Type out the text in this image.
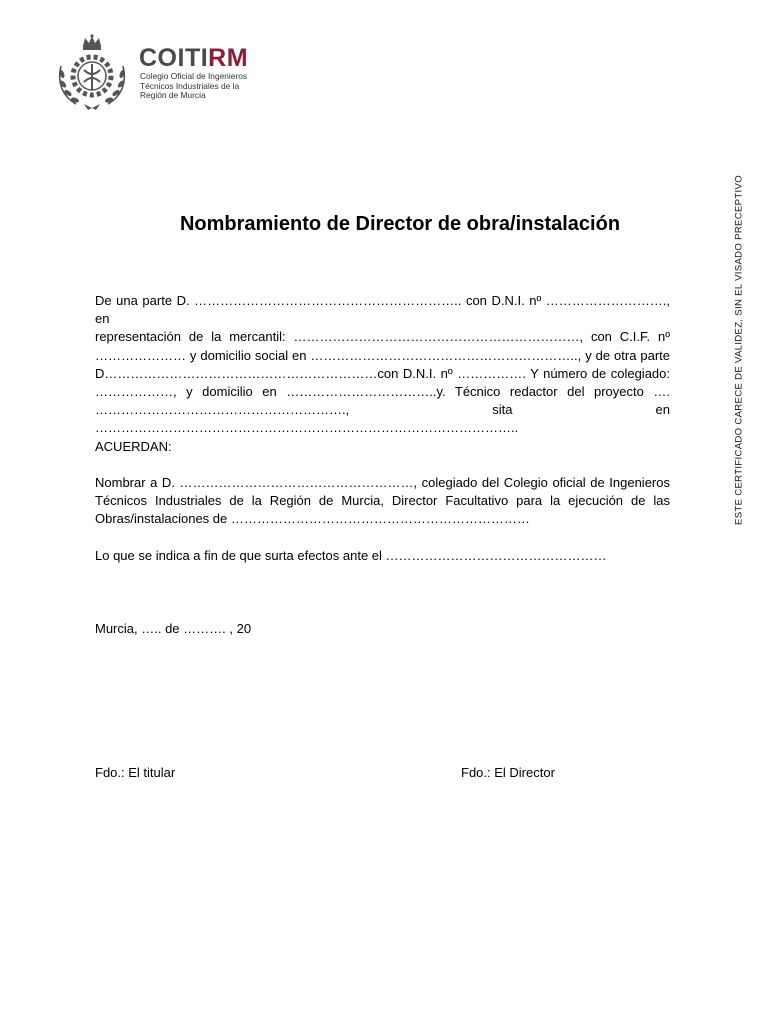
COITIRM
Colegio Oficial de Ingenieros
Técnicos Industriales de la
Región de Murcia
ESTE CERTIFICADO CARECE DE VALIDEZ, SIN EL VISADO PRECEPTIVO
Nombramiento de Director de obra/instalación
De una parte D. …………………………………………………….. con D.N.I. nº ………………………., en
representación de la mercantil: …………………………………………………………, con C.I.F. nº
………………… y domicilio social en …………………………………………………….., y de otra parte
D………………………………………………………con D.N.I. nº ……………. Y número de colegiado:
………………, y domicilio en ……………………………..y. Técnico redactor del proyecto ….
…………………………………………………., sita en
……………………………………………………………………………………..
ACUERDAN:
Nombrar a D. ………………………………………………, colegiado del Colegio oficial de Ingenieros
Técnicos Industriales de la Región de Murcia, Director Facultativo para la ejecución de las
Obras/instalaciones de ……………………………………………………………
Lo que se indica a fin de que surta efectos ante el ……………………………………………
Murcia, ….. de ………. , 20
Fdo.: El titular	Fdo.: El Director
